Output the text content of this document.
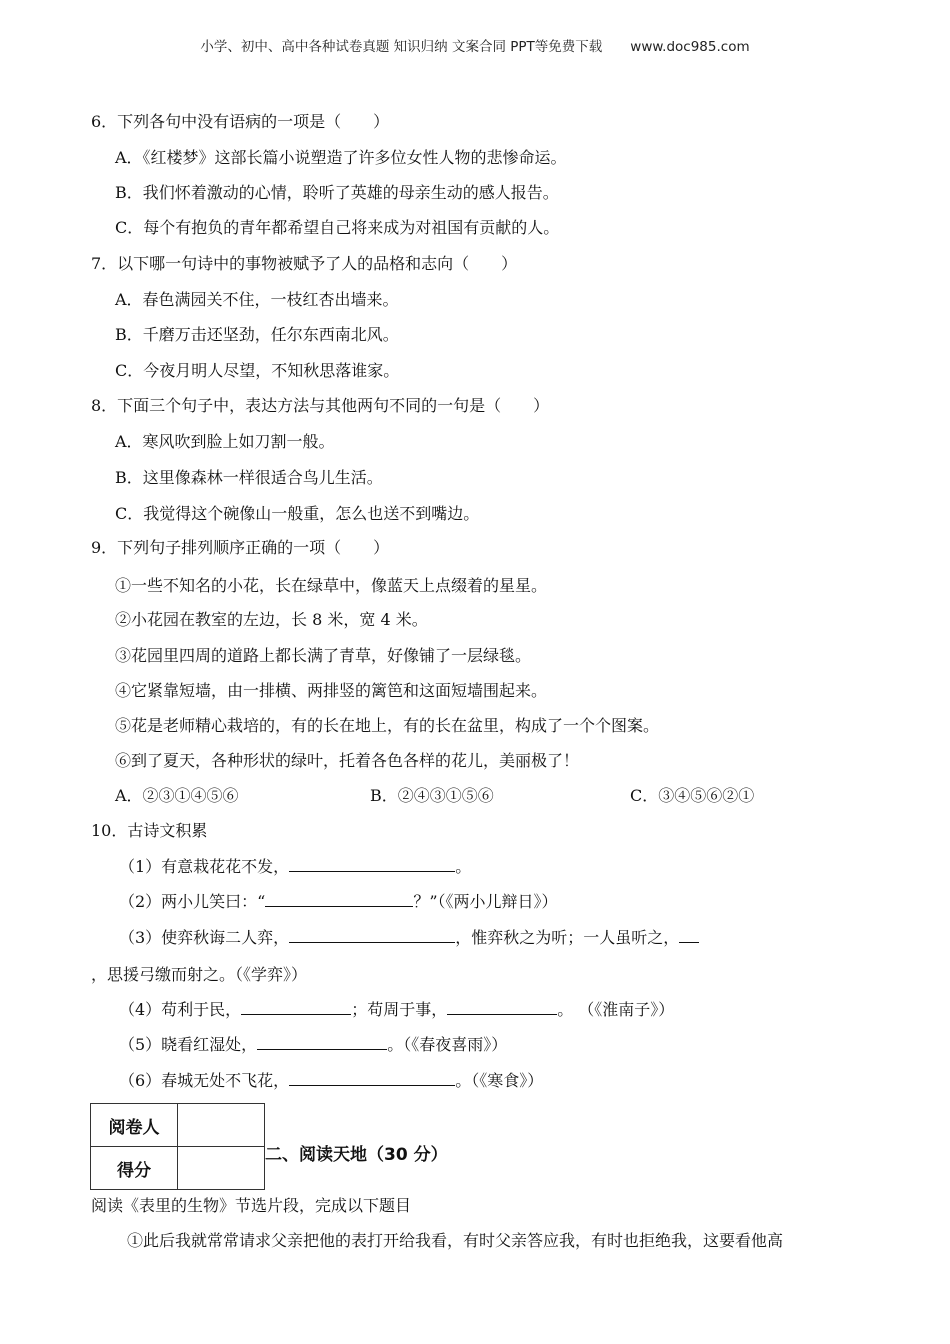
小学、初中、高中各种试卷真题 知识归纳 文案合同 PPT等免费下载 www.doc985.com
6．下列各句中没有语病的一项是（　　）
A．《红楼梦》这部长篇小说塑造了许多位女性人物的悲惨命运。
B．我们怀着激动的心情，聆听了英雄的母亲生动的感人报告。
C．每个有抱负的青年都希望自己将来成为对祖国有贡献的人。
7．以下哪一句诗中的事物被赋予了人的品格和志向（　　）
A．春色满园关不住，一枝红杏出墙来。
B．千磨万击还坚劲，任尔东西南北风。
C．今夜月明人尽望，不知秋思落谁家。
8．下面三个句子中，表达方法与其他两句不同的一句是（　　）
A．寒风吹到脸上如刀割一般。
B．这里像森林一样很适合鸟儿生活。
C．我觉得这个碗像山一般重，怎么也送不到嘴边。
9．下列句子排列顺序正确的一项（　　）
①一些不知名的小花，长在绿草中，像蓝天上点缀着的星星。
②小花园在教室的左边，长 8 米，宽 4 米。
③花园里四周的道路上都长满了青草，好像铺了一层绿毯。
④它紧靠短墙，由一排横、两排竖的篱笆和这面短墙围起来。
⑤花是老师精心栽培的，有的长在地上，有的长在盆里，构成了一个个图案。
⑥到了夏天，各种形状的绿叶，托着各色各样的花儿，美丽极了！
A．②③①④⑤⑥	B．②④③①⑤⑥	C．③④⑤⑥②①
10．古诗文积累
（1）有意栽花花不发，	。
（2）两小儿笑曰：“	？”（《两小儿辩日》）
（3）使弈秋诲二人弈，	，惟弈秋之为听；一人虽听之，
，思援弓缴而射之。（《学弈》）
（4）苟利于民，	；苟周于事，	。 （《淮南子》）
（5）晓看红湿处，	。（《春夜喜雨》）
（6）春城无处不飞花，	。（《寒食》）
阅卷人	
得分	
二、阅读天地（30 分）
阅读《表里的生物》节选片段，完成以下题目
①此后我就常常请求父亲把他的表打开给我看，有时父亲答应我，有时也拒绝我，这要看他高
